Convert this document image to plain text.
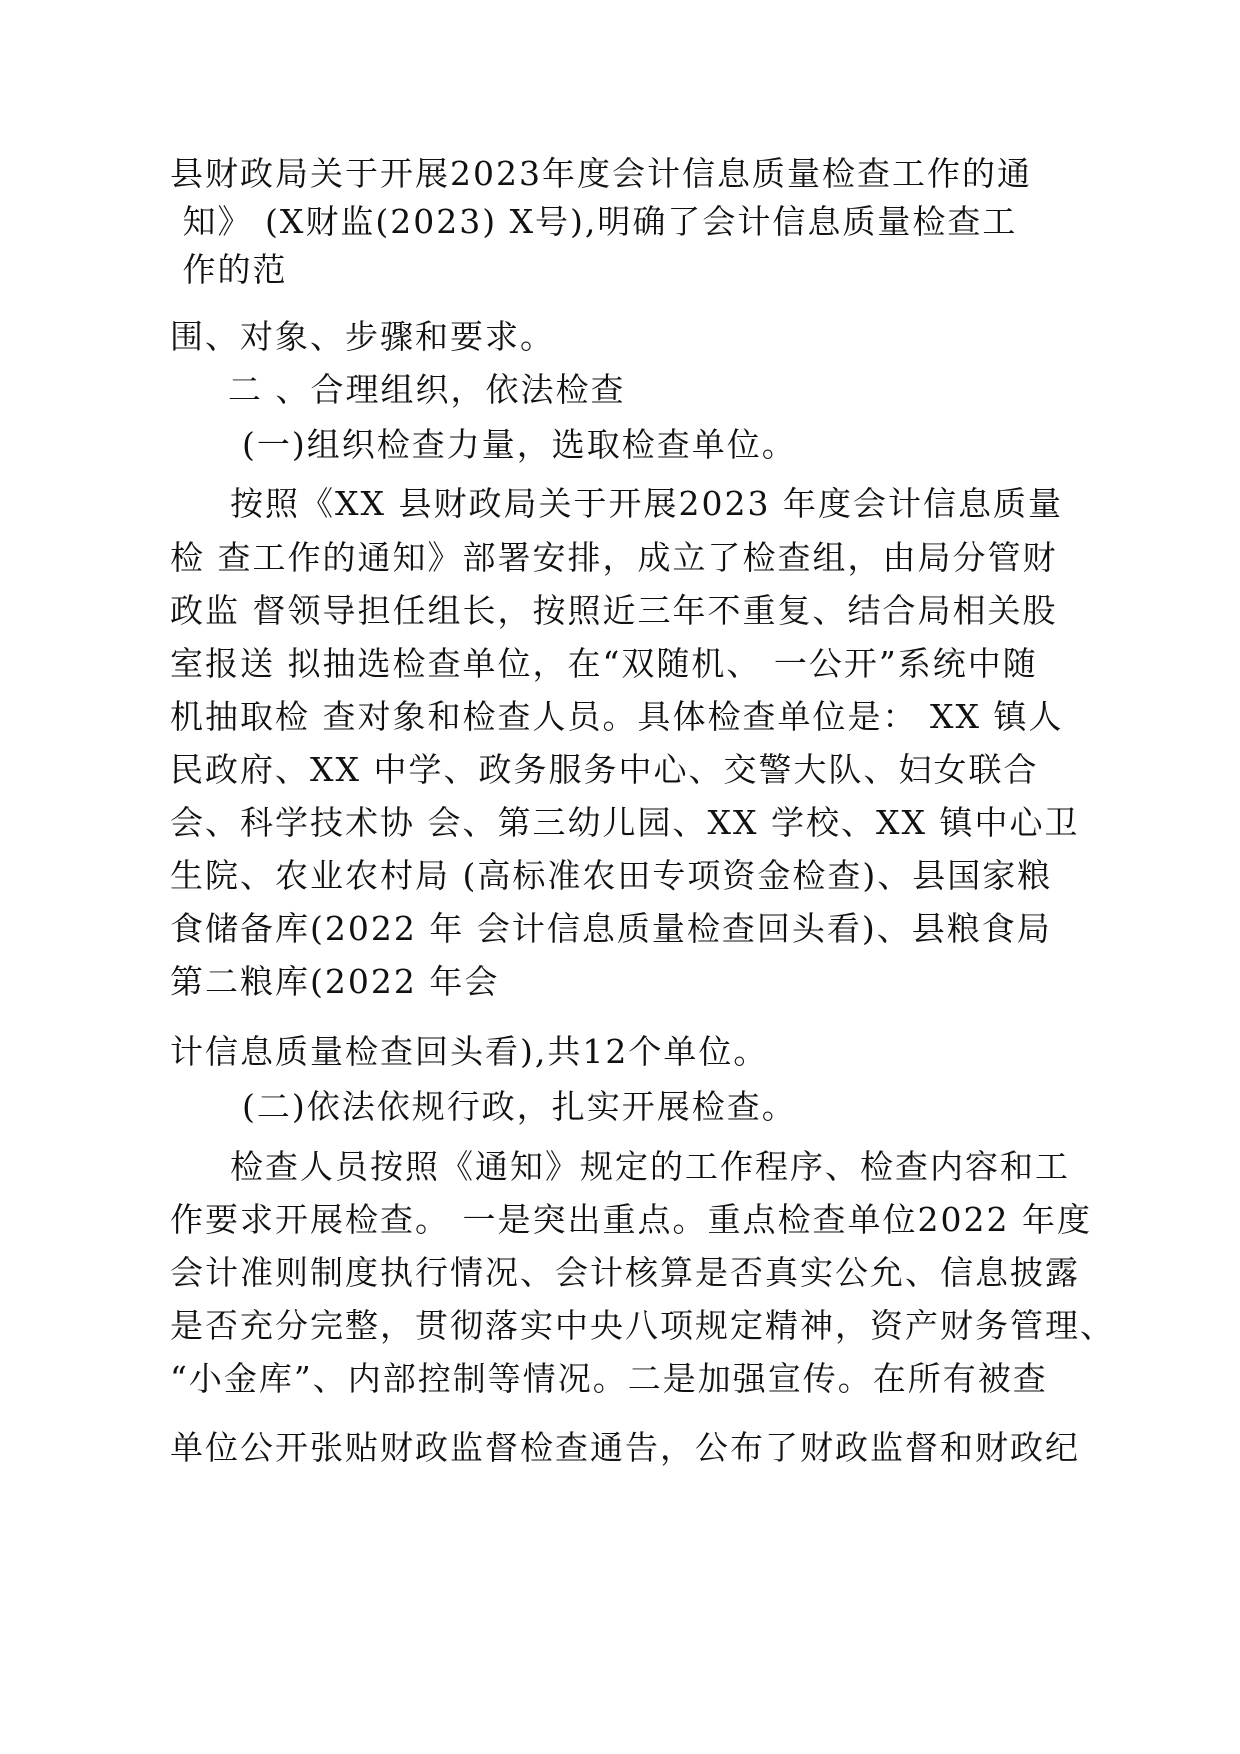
县财政局关于开展2023年度会计信息质量检查工作的通
知》 (X财监(2023) X号),明确了会计信息质量检查工
作的范
围、对象、步骤和要求。
二 、合理组织，依法检查
(一)组织检查力量，选取检查单位。
按照《XX 县财政局关于开展2023 年度会计信息质量
检 查工作的通知》部署安排，成立了检查组，由局分管财
政监 督领导担任组长，按照近三年不重复、结合局相关股
室报送 拟抽选检查单位，在“双随机、 一公开”系统中随
机抽取检 查对象和检查人员。具体检查单位是： XX 镇人
民政府、XX 中学、政务服务中心、交警大队、妇女联合
会、科学技术协 会、第三幼儿园、XX 学校、XX 镇中心卫
生院、农业农村局 (高标准农田专项资金检查)、县国家粮
食储备库(2022 年 会计信息质量检查回头看)、县粮食局
第二粮库(2022 年会
计信息质量检查回头看),共12个单位。
(二)依法依规行政，扎实开展检查。
检查人员按照《通知》规定的工作程序、检查内容和工
作要求开展检查。 一是突出重点。重点检查单位2022 年度
会计准则制度执行情况、会计核算是否真实公允、信息披露
是否充分完整，贯彻落实中央八项规定精神，资产财务管理、
“小金库”、内部控制等情况。二是加强宣传。在所有被查
单位公开张贴财政监督检查通告，公布了财政监督和财政纪
